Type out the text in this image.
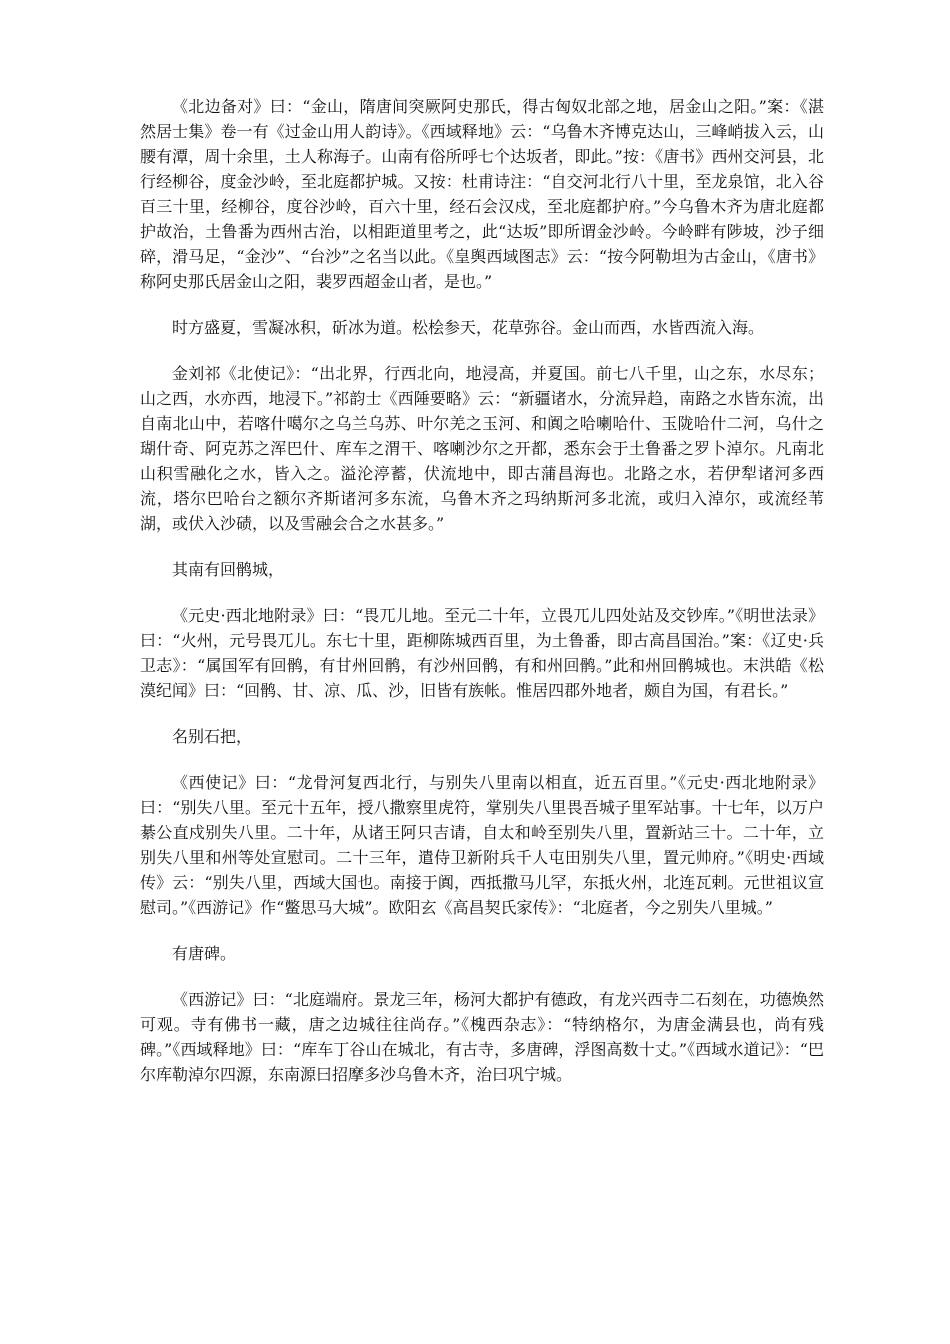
《北边备对》曰：“金山，隋唐间突厥阿史那氏，得古匈奴北部之地，居金山之阳。”案：《湛然居士集》卷一有《过金山用人韵诗》。《西域释地》云：“乌鲁木齐博克达山，三峰峭拔入云，山腰有潭，周十余里，土人称海子。山南有俗所呼七个达坂者，即此。”按：《唐书》西州交河县，北行经柳谷，度金沙岭，至北庭都护城。又按：杜甫诗注：“自交河北行八十里，至龙泉馆，北入谷百三十里，经柳谷，度谷沙岭，百六十里，经石会汉戍，至北庭都护府。”今乌鲁木齐为唐北庭都护故治，土鲁番为西州古治，以相距道里考之，此“达坂”即所谓金沙岭。今岭畔有陟坡，沙子细碎，滑马足，“金沙”、“台沙”之名当以此。《皇舆西域图志》云：“按今阿勒坦为古金山，《唐书》称阿史那氏居金山之阳，裴罗西超金山者，是也。”

时方盛夏，雪凝冰积，斫冰为道。松桧参天，花草弥谷。金山而西，水皆西流入海。

金刘祁《北使记》：“出北界，行西北向，地浸高，并夏国。前七八千里，山之东，水尽东；山之西，水亦西，地浸下。”祁韵士《西陲要略》云：“新疆诸水，分流异趋，南路之水皆东流，出自南北山中，若喀什噶尔之乌兰乌苏、叶尔羌之玉河、和阗之哈喇哈什、玉陇哈什二河，乌什之瑚什奇、阿克苏之浑巴什、库车之渭干、喀喇沙尔之开都，悉东会于土鲁番之罗卜淖尔。凡南北山积雪融化之水，皆入之。溢沦渟蓄，伏流地中，即古蒲昌海也。北路之水，若伊犁诸河多西流，塔尔巴哈台之额尔齐斯诸河多东流，乌鲁木齐之玛纳斯河多北流，或归入淖尔，或流经苇湖，或伏入沙碛，以及雪融会合之水甚多。”

其南有回鹘城，

《元史·西北地附录》曰：“畏兀儿地。至元二十年，立畏兀儿四处站及交钞库。”《明世法录》曰：“火州，元号畏兀儿。东七十里，距柳陈城西百里，为土鲁番，即古高昌国治。”案：《辽史·兵卫志》：“属国军有回鹘，有甘州回鹘，有沙州回鹘，有和州回鹘。”此和州回鹘城也。末洪皓《松漠纪闻》曰：“回鹘、甘、凉、瓜、沙，旧皆有族帐。惟居四郡外地者，颇自为国，有君长。”

名别石把，

《西使记》曰：“龙骨河复西北行，与别失八里南以相直，近五百里。”《元史·西北地附录》曰：“别失八里。至元十五年，授八撒察里虎符，掌别失八里畏吾城子里军站事。十七年，以万户綦公直戍别失八里。二十年，从诸王阿只吉请，自太和岭至别失八里，置新站三十。二十年，立别失八里和州等处宣慰司。二十三年，遣侍卫新附兵千人屯田别失八里，置元帅府。”《明史·西域传》云：“别失八里，西域大国也。南接于阗，西抵撒马儿罕，东抵火州，北连瓦剌。元世祖议宣慰司。”《西游记》作“鳖思马大城”。欧阳玄《高昌契氏家传》：“北庭者，今之别失八里城。”

有唐碑。

《西游记》曰：“北庭端府。景龙三年，杨河大都护有德政，有龙兴西寺二石刻在，功德焕然可观。寺有佛书一藏，唐之边城往往尚存。”《槐西杂志》：“特纳格尔，为唐金满县也，尚有残碑。”《西域释地》曰：“库车丁谷山在城北，有古寺，多唐碑，浮图高数十丈。”《西域水道记》：“巴尔库勒淖尔四源，东南源曰招摩多沙乌鲁木齐，治曰巩宁城。
